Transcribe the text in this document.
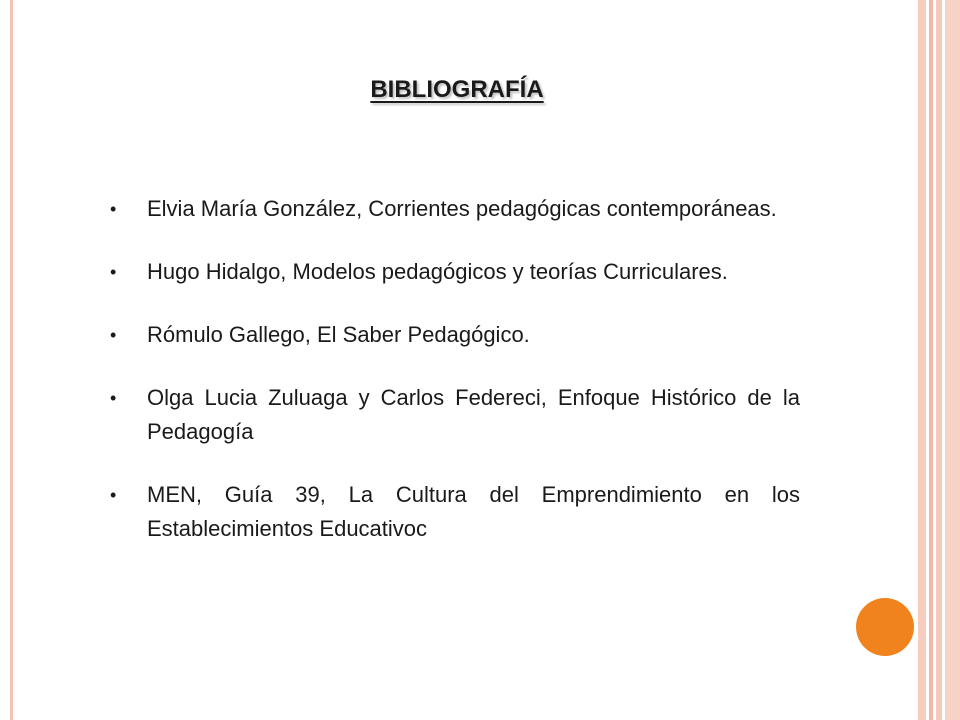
BIBLIOGRAFÍA
• Elvia María González, Corrientes pedagógicas contemporáneas.
• Hugo Hidalgo, Modelos pedagógicos y teorías Curriculares.
• Rómulo Gallego, El Saber Pedagógico.
• Olga Lucia Zuluaga y Carlos Federeci, Enfoque Histórico de la Pedagogía
• MEN, Guía 39, La Cultura del Emprendimiento en los Establecimientos Educativoc
